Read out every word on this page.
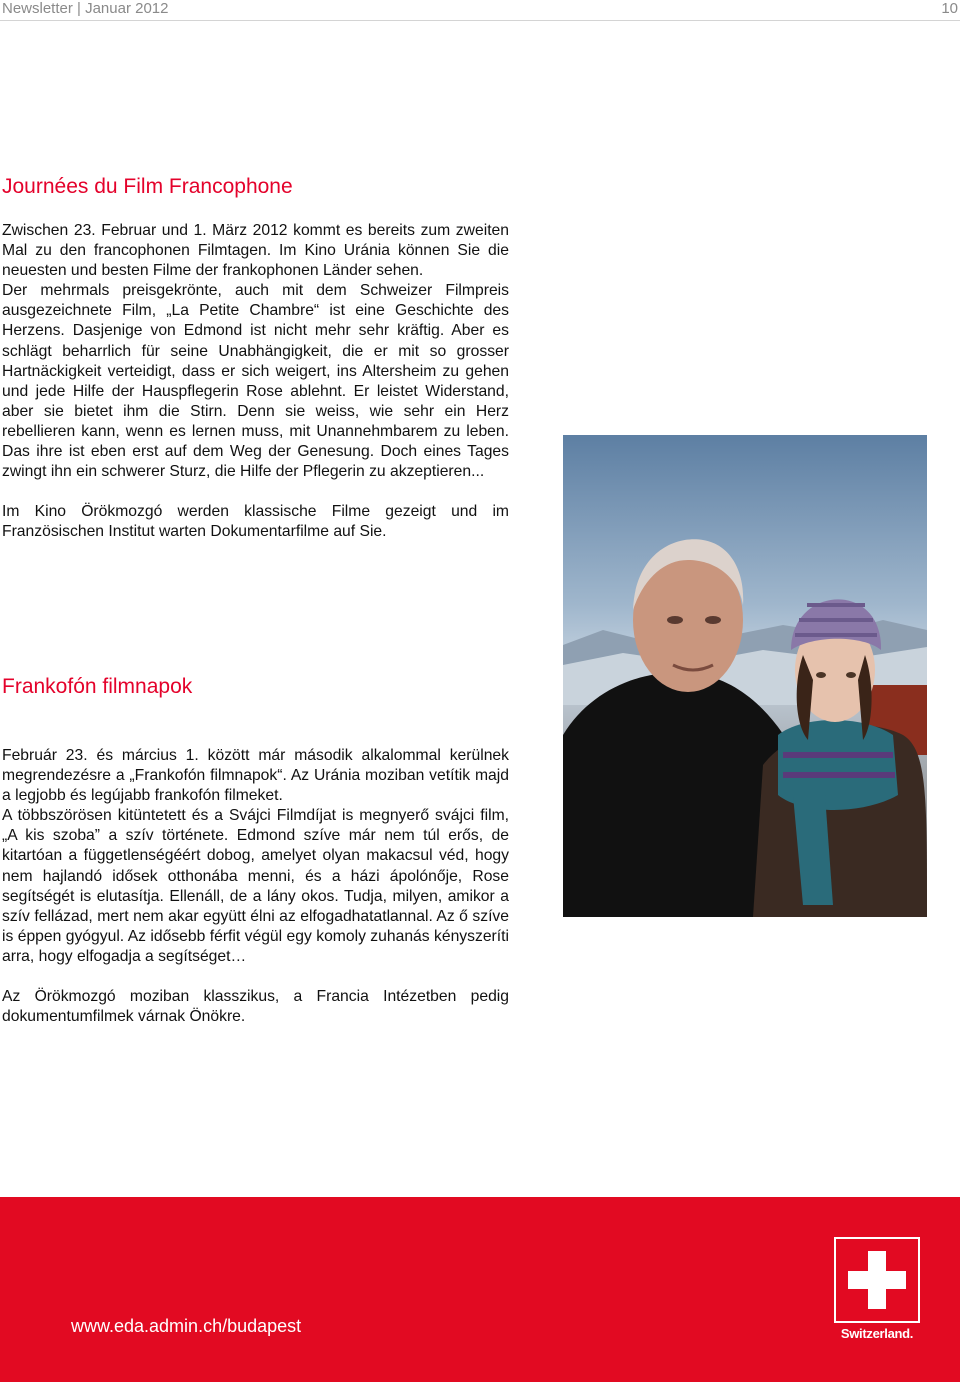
Newsletter | Januar 2012	10
Journées du Film Francophone

Zwischen 23. Februar und 1. März 2012 kommt es bereits zum zweiten Mal zu den francophonen Filmtagen. Im Kino Uránia können Sie die neuesten und besten Filme der frankophonen Länder sehen.

Der mehrmals preisgekrönte, auch mit dem Schweizer Filmpreis ausgezeichnete Film, „La Petite Chambre“ ist eine Geschichte des Herzens. Dasjenige von Edmond ist nicht mehr sehr kräftig. Aber es schlägt beharrlich für seine Unabhängigkeit, die er mit so grosser Hartnäckigkeit verteidigt, dass er sich weigert, ins Altersheim zu gehen und jede Hilfe der Hauspflegerin Rose ablehnt. Er leistet Widerstand, aber sie bietet ihm die Stirn. Denn sie weiss, wie sehr ein Herz rebellieren kann, wenn es lernen muss, mit Unannehmbarem zu leben. Das ihre ist eben erst auf dem Weg der Genesung. Doch eines Tages zwingt ihn ein schwerer Sturz, die Hilfe der Pflegerin zu akzeptieren...

Im Kino Örökmozgó werden klassische Filme gezeigt und im Französischen Institut warten Dokumentarfilme auf Sie.

Frankofón filmnapok

Február 23. és március 1. között már második alkalommal kerülnek megrendezésre a „Frankofón filmnapok“. Az Uránia moziban vetítik majd a legjobb és legújabb frankofón filmeket.

A többszörösen kitüntetett és a Svájci Filmdíjat is megnyerő svájci film, „A kis szoba” a szív története. Edmond szíve már nem túl erős, de kitartóan a függetlenségéért dobog, amelyet olyan makacsul véd, hogy nem hajlandó idősek otthonába menni, és a házi ápolónője, Rose segítségét is elutasítja. Ellenáll, de a lány okos. Tudja, milyen, amikor a szív fellázad, mert nem akar együtt élni az elfogadhatatlannal. Az ő szíve is éppen gyógyul. Az idősebb férfit végül egy komoly zuhanás kényszeríti arra, hogy elfogadja a segítséget…

Az Örökmozgó moziban klasszikus, a Francia Intézetben pedig dokumentumfilmek várnak Önökre.

www.eda.admin.ch/budapest	Switzerland.
